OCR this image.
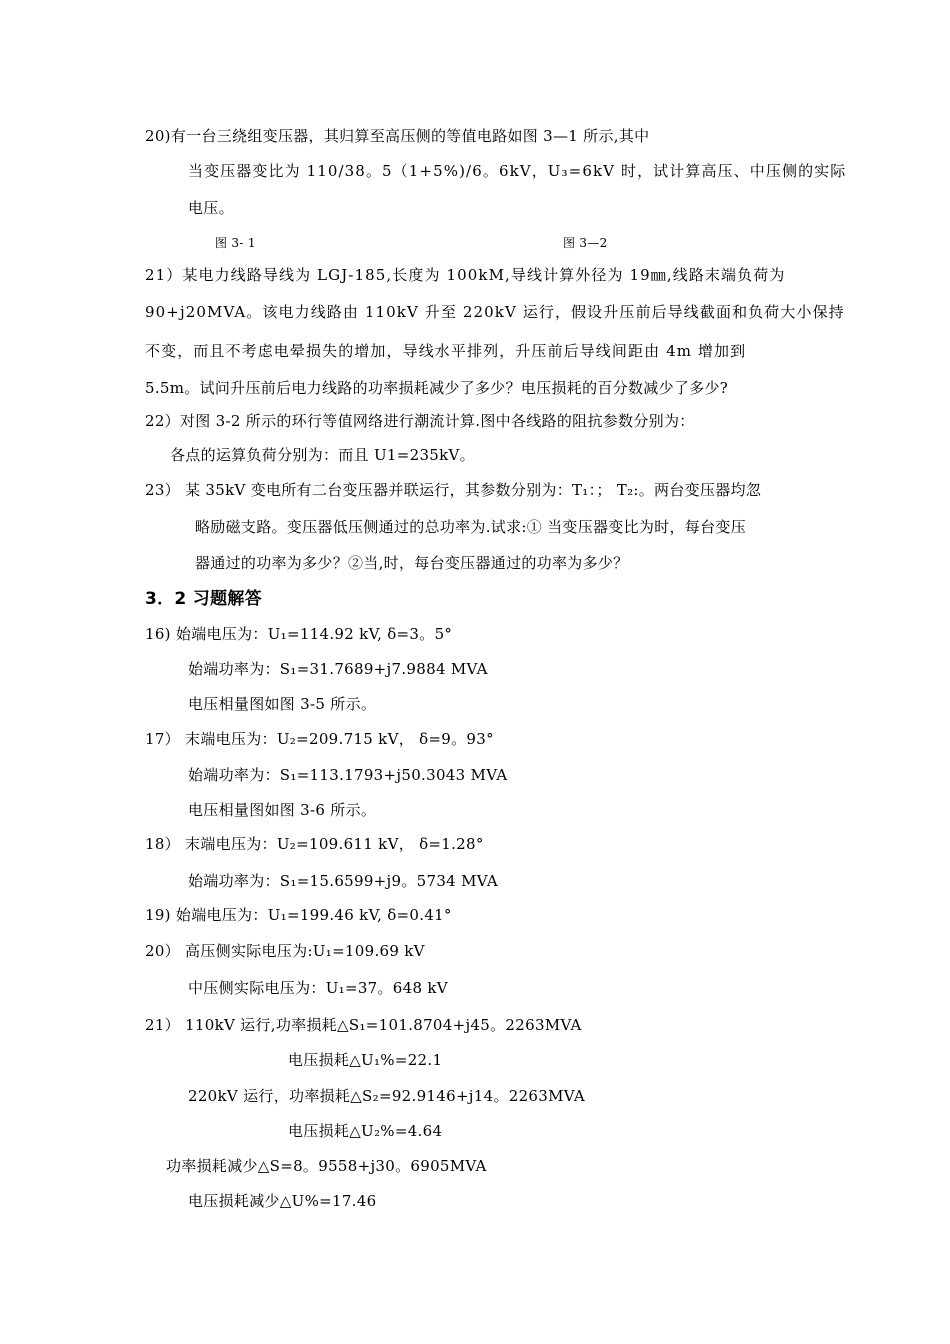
20)有一台三绕组变压器，其归算至高压侧的等值电路如图 3—1 所示,其中
当变压器变比为 110/38。5（1+5%)/6。6kV，U₃=6kV 时，试计算高压、中压侧的实际
电压。
图 3- 1	图 3—2
21）某电力线路导线为 LGJ-185,长度为 100kM,导线计算外径为 19㎜,线路末端负荷为
90+j20MVA。该电力线路由 110kV 升至 220kV 运行，假设升压前后导线截面和负荷大小保持
不变，而且不考虑电晕损失的增加，导线水平排列，升压前后导线间距由 4m 增加到
5.5m。试问升压前后电力线路的功率损耗减少了多少？电压损耗的百分数减少了多少?
22）对图 3-2 所示的环行等值网络进行潮流计算.图中各线路的阻抗参数分别为：
各点的运算负荷分别为：而且 U1=235kV。
23） 某 35kV 变电所有二台变压器并联运行，其参数分别为：T₁：； T₂:。两台变压器均忽
略励磁支路。变压器低压侧通过的总功率为.试求:① 当变压器变比为时，每台变压
器通过的功率为多少？②当,时，每台变压器通过的功率为多少？
3．2 习题解答
16) 始端电压为：U₁=114.92 kV, δ=3。5°
始端功率为：S₁=31.7689+j7.9884 MVA
电压相量图如图 3-5 所示。
17） 末端电压为：U₂=209.715 kV， δ=9。93°
始端功率为：S₁=113.1793+j50.3043 MVA
电压相量图如图 3-6 所示。
18） 末端电压为：U₂=109.611 kV， δ=1.28°
始端功率为：S₁=15.6599+j9。5734 MVA
19) 始端电压为：U₁=199.46 kV, δ=0.41°
20） 高压侧实际电压为:U₁=109.69 kV
中压侧实际电压为：U₁=37。648 kV
21） 110kV 运行,功率损耗△S₁=101.8704+j45。2263MVA
电压损耗△U₁%=22.1
220kV 运行，功率损耗△S₂=92.9146+j14。2263MVA
电压损耗△U₂%=4.64
功率损耗减少△S=8。9558+j30。6905MVA
电压损耗减少△U%=17.46
